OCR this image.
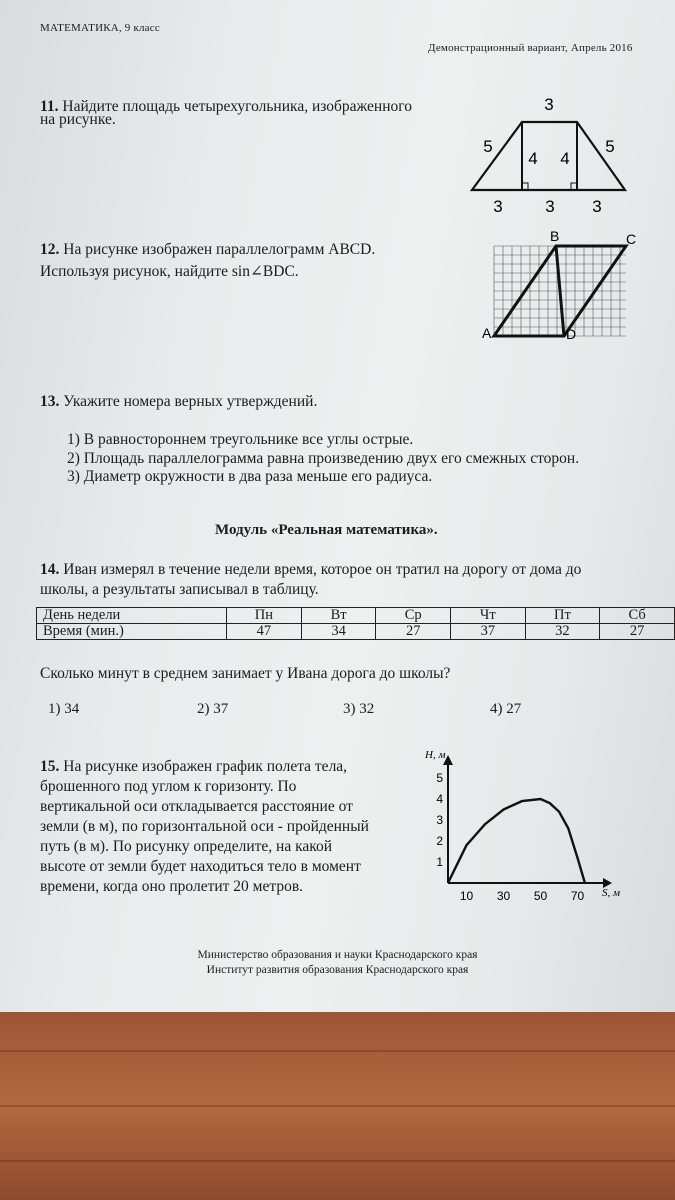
МАТЕМАТИКА, 9 класс
Демонстрационный вариант, Апрель 2016
11. Найдите площадь четырехугольника, изображенного
на рисунке.
3
5	5
4 4
3	3 3
12. На рисунке изображен параллелограмм ABCD.
Используя рисунок, найдите sin∠BDC.
A
B	C
D
13. Укажите номера верных утверждений.
1) В равностороннем треугольнике все углы острые.
2) Площадь параллелограмма равна произведению двух его смежных сторон.
3) Диаметр окружности в два раза меньше его радиуса.
Модуль «Реальная математика».
14. Иван измерял в течение недели время, которое он тратил на дорогу от дома до
школы, а результаты записывал в таблицу.
День недели	Пн	Вт	Ср	Чт	Пт	Сб
Время (мин.)	47	34	27	37	32	27
Сколько минут в среднем занимает у Ивана дорога до школы?
1) 34	2) 37	3) 32	4) 27
15. На рисунке изображен график полета тела,
брошенного под углом к горизонту. По
вертикальной оси откладывается расстояние от
земли (в м), по горизонтальной оси - пройденный
путь (в м). По рисунку определите, на какой
высоте от земли будет находиться тело в момент
времени, когда оно пролетит 20 метров.
H, м
S, м
10 30 50 70
1
2
3
4
5
Министерство образования и науки Краснодарского края
Институт развития образования Краснодарского края
